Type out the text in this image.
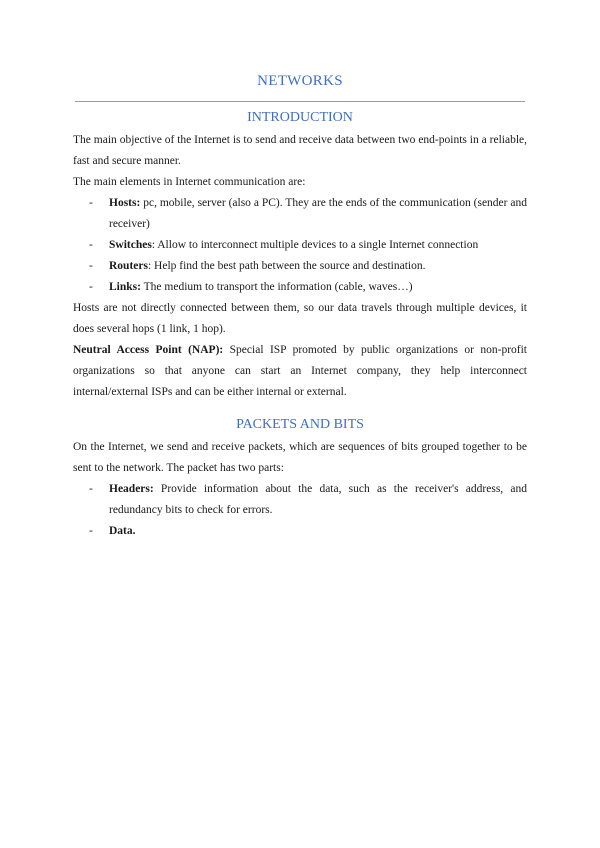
NETWORKS
INTRODUCTION

The main objective of the Internet is to send and receive data between two end-points in a reliable, fast and secure manner.

The main elements in Internet communication are:

- Hosts: pc, mobile, server (also a PC). They are the ends of the communication (sender and receiver)
- Switches: Allow to interconnect multiple devices to a single Internet connection
- Routers: Help find the best path between the source and destination.
- Links: The medium to transport the information (cable, waves…)

Hosts are not directly connected between them, so our data travels through multiple devices, it does several hops (1 link, 1 hop).

Neutral Access Point (NAP): Special ISP promoted by public organizations or non-profit organizations so that anyone can start an Internet company, they help interconnect internal/external ISPs and can be either internal or external.

PACKETS AND BITS

On the Internet, we send and receive packets, which are sequences of bits grouped together to be sent to the network. The packet has two parts:

- Headers: Provide information about the data, such as the receiver's address, and redundancy bits to check for errors.
- Data.
